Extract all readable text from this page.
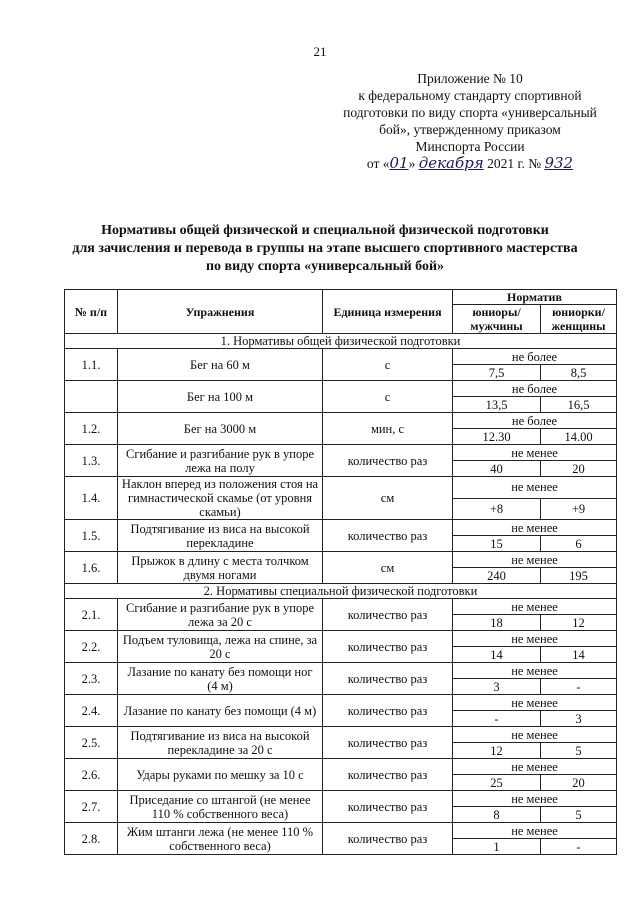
21
Приложение № 10
к федеральному стандарту спортивной
подготовки по виду спорта «универсальный
бой», утвержденному приказом
Минспорта России
от «01» декабря 2021 г. № 932
Нормативы общей физической и специальной физической подготовки
для зачисления и перевода в группы на этапе высшего спортивного мастерства
по виду спорта «универсальный бой»
№ п/п	Упражнения	Единица измерения	Норматив	
			юниоры/ мужчины	юниорки/ женщины
1. Нормативы общей физической подготовки				
1.1.	Бег на 60 м	с	не более	
			7,5	8,5
	Бег на 100 м	с	не более	
			13,5	16,5
1.2.	Бег на 3000 м	мин, с	не более	
			12.30	14.00
1.3.	Сгибание и разгибание рук в упоре лежа на полу	количество раз	не менее	
			40	20
1.4.	Наклон вперед из положения стоя на гимнастической скамье (от уровня скамьи)	см	не менее	
			+8	+9
1.5.	Подтягивание из виса на высокой перекладине	количество раз	не менее	
			15	6
1.6.	Прыжок в длину с места толчком двумя ногами	см	не менее	
			240	195
2. Нормативы специальной физической подготовки				
2.1.	Сгибание и разгибание рук в упоре лежа за 20 с	количество раз	не менее	
			18	12
2.2.	Подъем туловища, лежа на спине, за 20 с	количество раз	не менее	
			14	14
2.3.	Лазание по канату без помощи ног (4 м)	количество раз	не менее	
			3	-
2.4.	Лазание по канату без помощи (4 м)	количество раз	не менее	
			-	3
2.5.	Подтягивание из виса на высокой перекладине за 20 с	количество раз	не менее	
			12	5
2.6.	Удары руками по мешку за 10 с	количество раз	не менее	
			25	20
2.7.	Приседание со штангой (не менее 110 % собственного веса)	количество раз	не менее	
			8	5
2.8.	Жим штанги лежа (не менее 110 % собственного веса)	количество раз	не менее	
			1	-
